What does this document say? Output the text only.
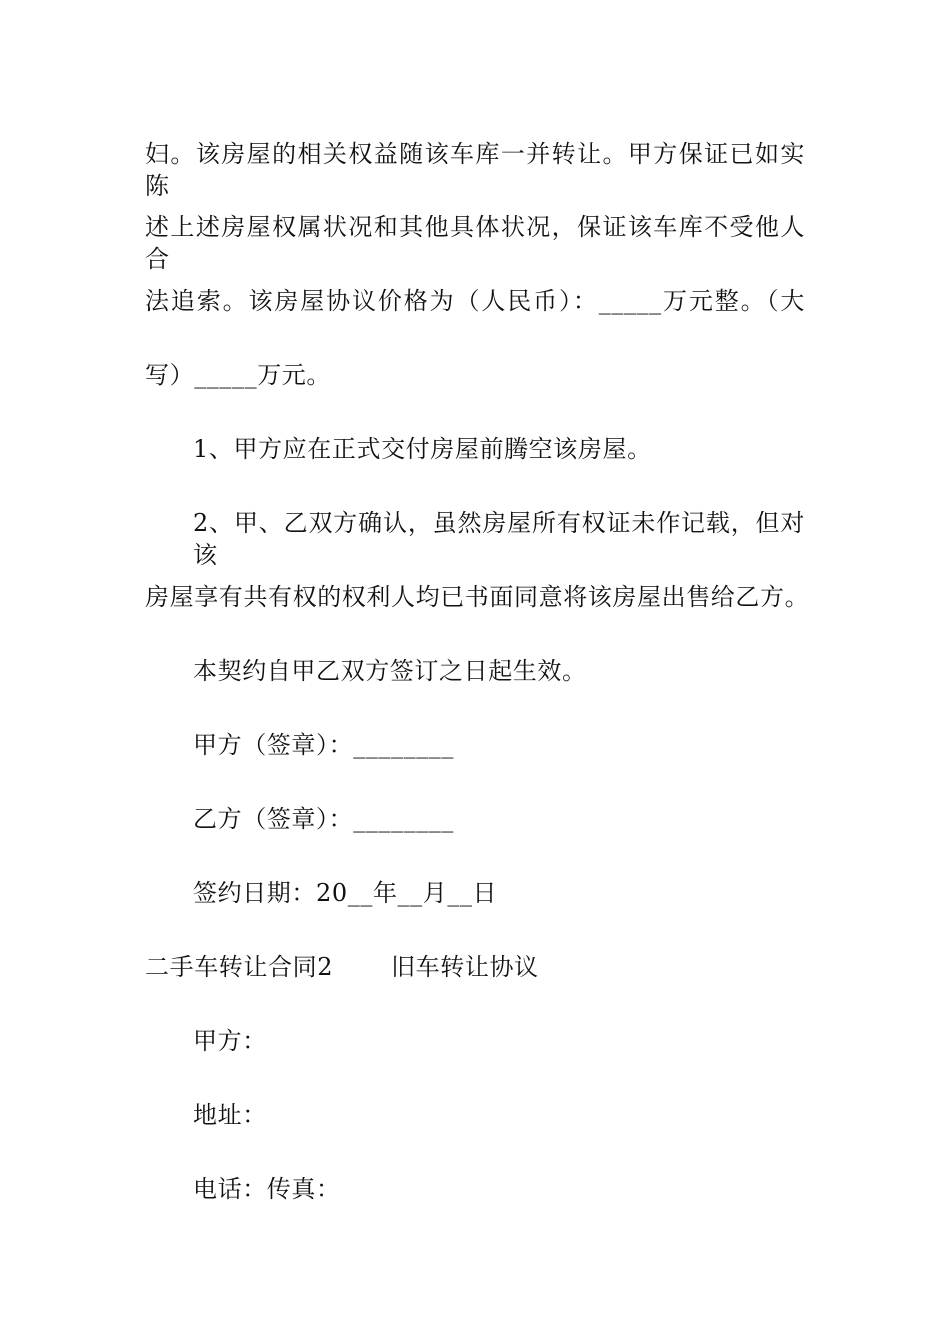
妇。该房屋的相关权益随该车库一并转让。甲方保证已如实陈
述上述房屋权属状况和其他具体状况，保证该车库不受他人合
法追索。该房屋协议价格为（人民币）：_____万元整。（大
写）_____万元。
1、甲方应在正式交付房屋前腾空该房屋。
2、甲、乙双方确认，虽然房屋所有权证未作记载，但对该
房屋享有共有权的权利人均已书面同意将该房屋出售给乙方。
本契约自甲乙双方签订之日起生效。
甲方（签章）：________
乙方（签章）：________
签约日期：20__年__月__日
二手车转让合同2 旧车转让协议
甲方：
地址：
电话：传真：
